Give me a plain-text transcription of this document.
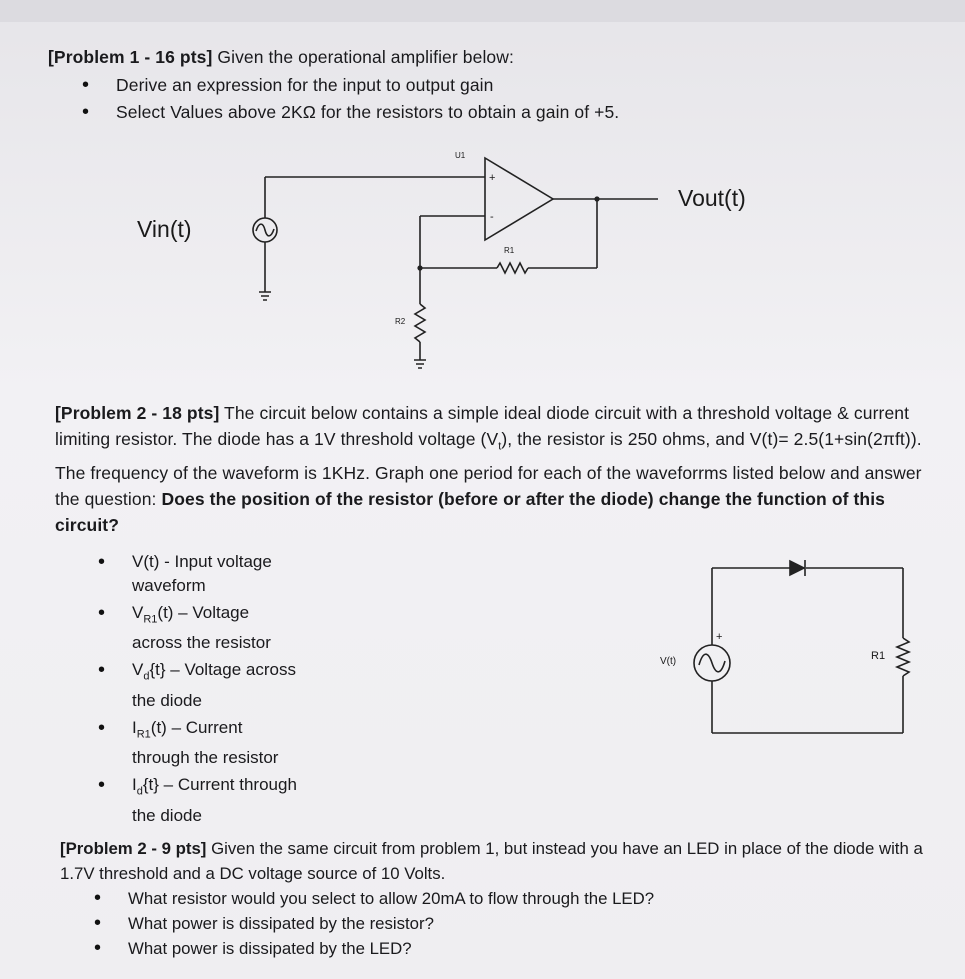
[Problem 1 - 16 pts] Given the operational amplifier below:
• Derive an expression for the input to output gain
• Select Values above 2KΩ for the resistors to obtain a gain of +5.
U1
+
-
R1
R2
Vin(t)
Vout(t)
[Problem 2 - 18 pts] The circuit below contains a simple ideal diode circuit with a threshold voltage & current limiting resistor. The diode has a 1V threshold voltage $(V_t)$, the resistor is 250 ohms, and V(t)= 2.5(1+sin(2πft)). The frequency of the waveform is 1KHz. Graph one period for each of the waveforrms listed below and answer the question: Does the position of the resistor (before or after the diode) change the function of this circuit?
• V(t) - Input voltage
waveform
• $V_{R1}(t)$ – Voltage
across the resistor
• $V_d\{t\}$ – Voltage across
the diode
• $I_{R1}(t)$ – Current
through the resistor
• $I_d\{t\}$ – Current through
the diode
+
V(t)	R1
[Problem 2 - 9 pts] Given the same circuit from problem 1, but instead you have an LED in place of the diode with a 1.7V threshold and a DC voltage source of 10 Volts.
• What resistor would you select to allow 20mA to flow through the LED?
• What power is dissipated by the resistor?
• What power is dissipated by the LED?
